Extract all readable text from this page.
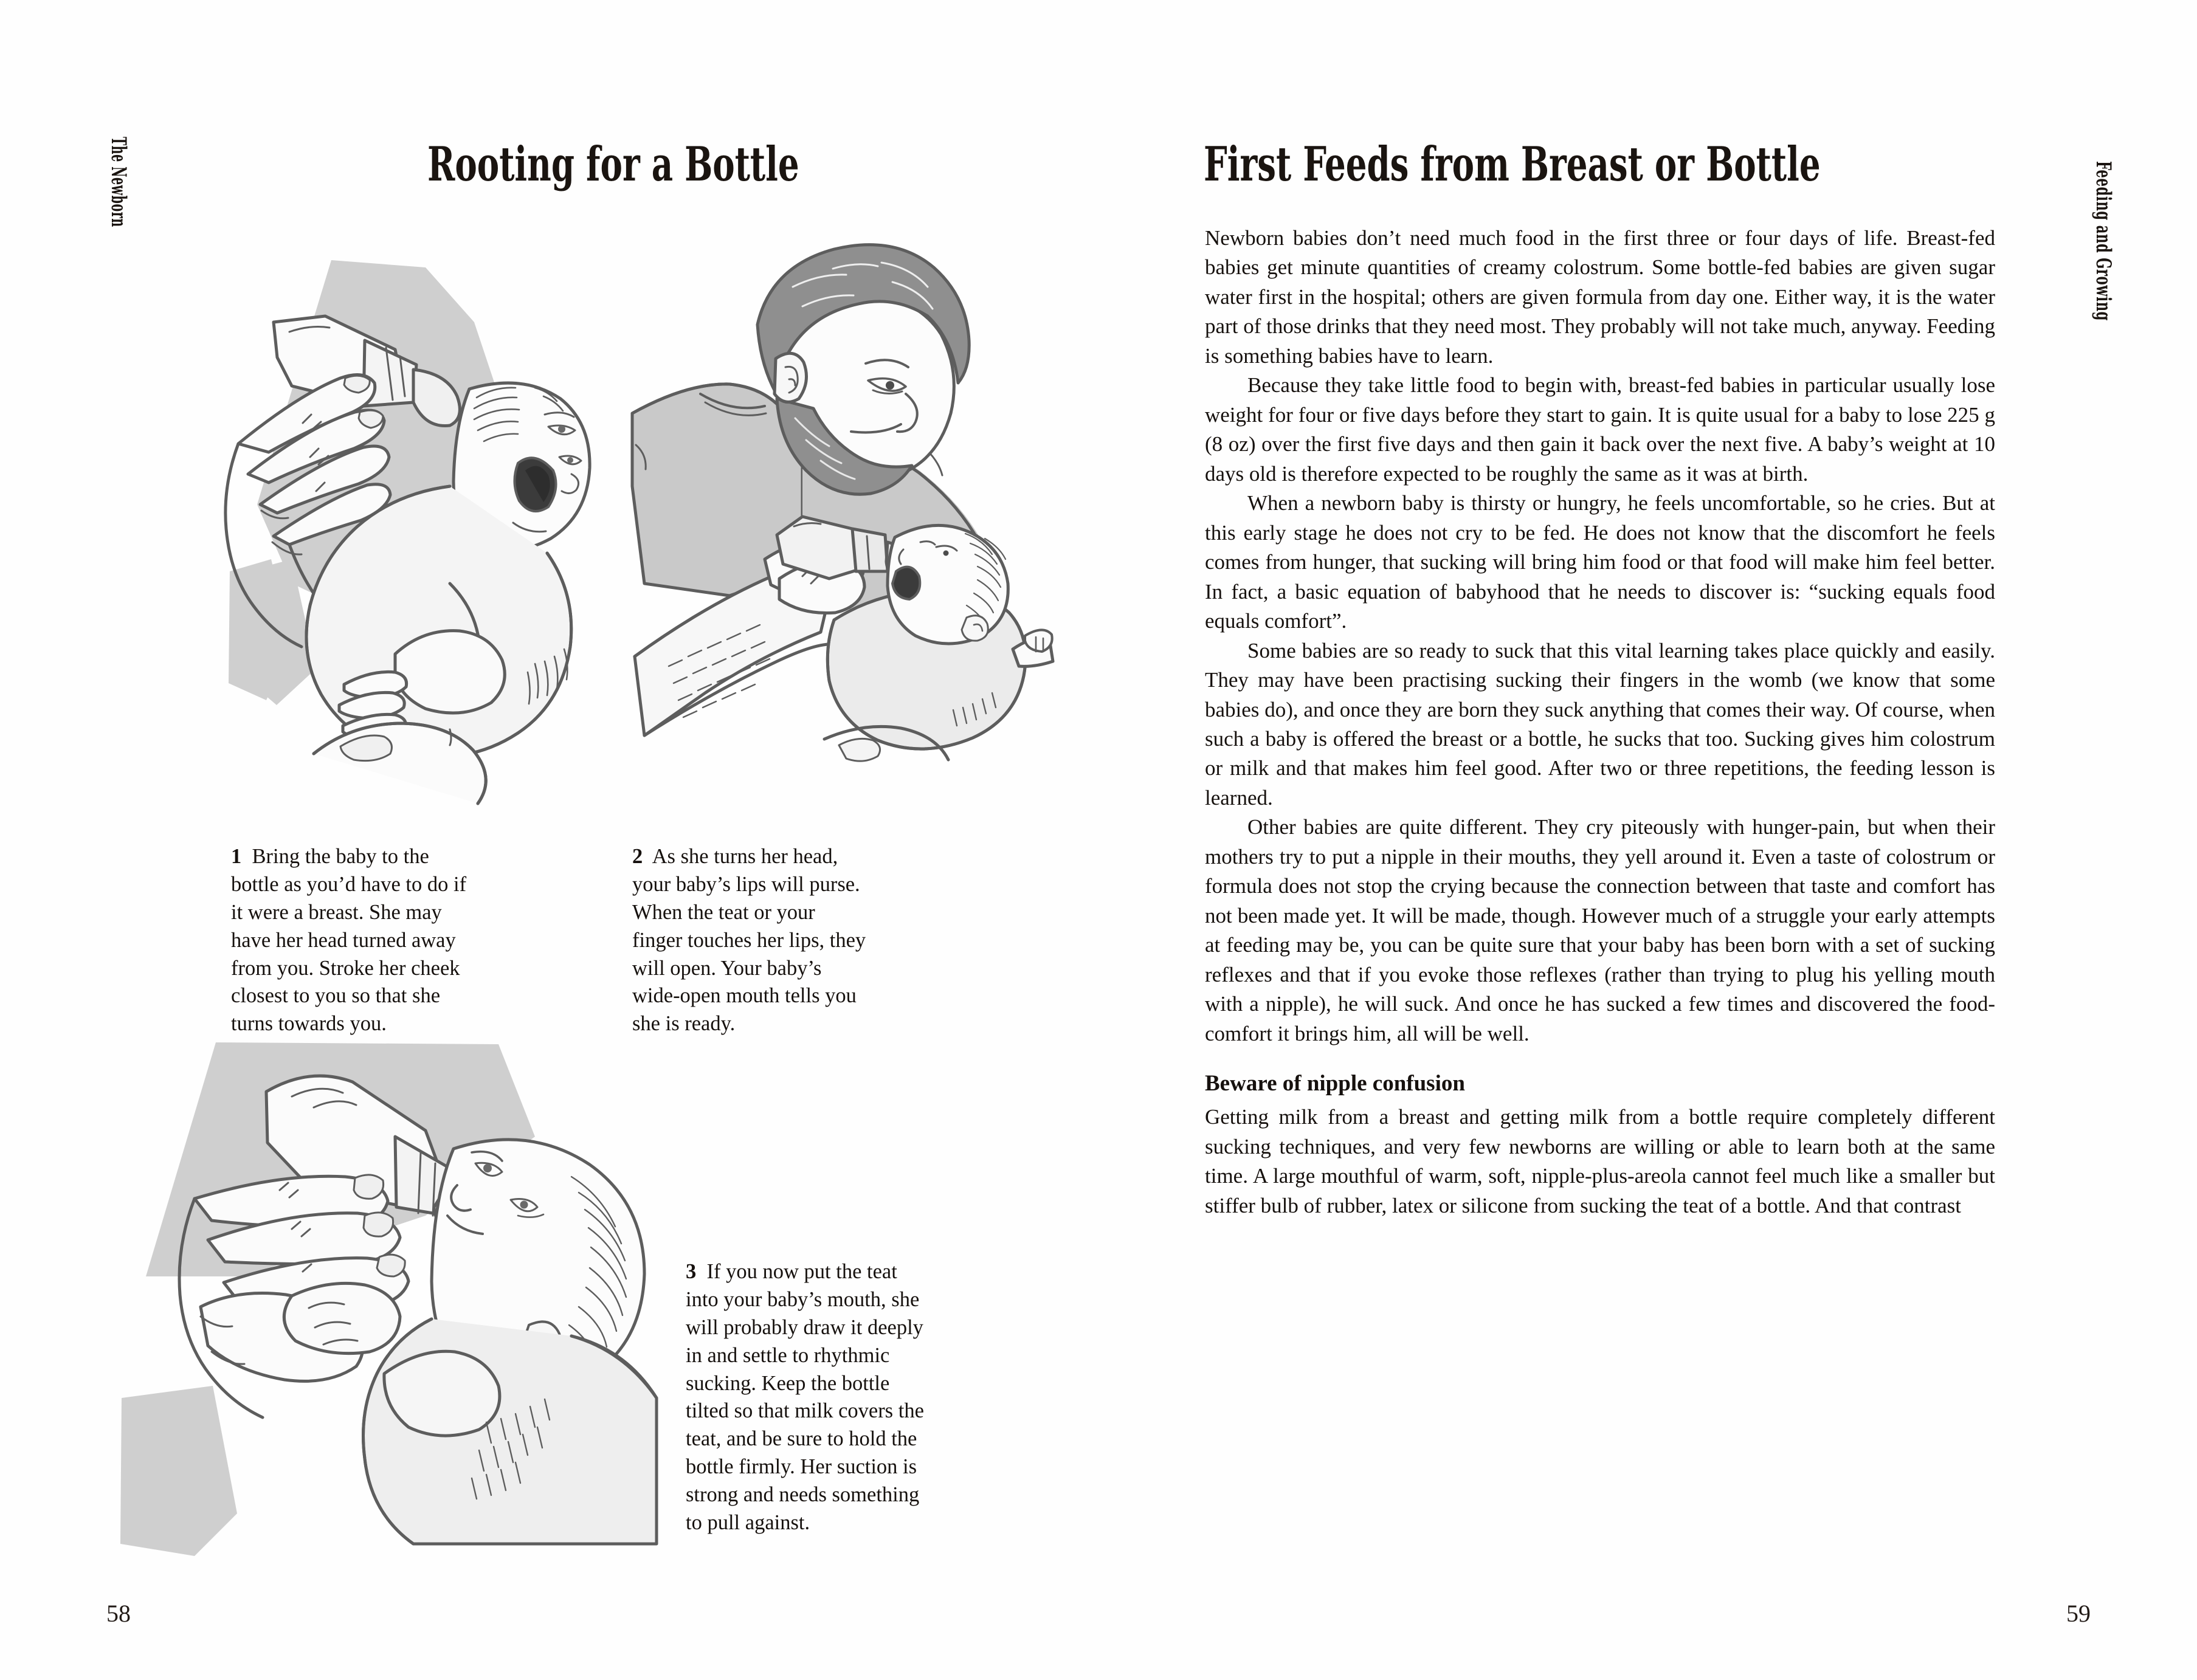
The Newborn	Rooting for a Bottle
1 Bring the baby to the bottle as you’d have to do if it were a breast. She may have her head turned away from you. Stroke her cheek closest to you so that she turns towards you.
2 As she turns her head, your baby’s lips will purse. When the teat or your finger touches her lips, they will open. Your baby’s wide-open mouth tells you she is ready.
3 If you now put the teat into your baby’s mouth, she will probably draw it deeply in and settle to rhythmic sucking. Keep the bottle tilted so that milk covers the teat, and be sure to hold the bottle firmly. Her suction is strong and needs something to pull against.
58
First Feeds from Breast or Bottle	Feeding and Growing

Newborn babies don’t need much food in the first three or four days of life. Breast-fed babies get minute quantities of creamy colostrum. Some bottle-fed babies are given sugar water first in the hospital; others are given formula from day one. Either way, it is the water part of those drinks that they need most. They probably will not take much, anyway. Feeding is something babies have to learn.

Because they take little food to begin with, breast-fed babies in particular usually lose weight for four or five days before they start to gain. It is quite usual for a baby to lose 225 g (8 oz) over the first five days and then gain it back over the next five. A baby’s weight at 10 days old is therefore expected to be roughly the same as it was at birth.

When a newborn baby is thirsty or hungry, he feels uncomfortable, so he cries. But at this early stage he does not cry to be fed. He does not know that the discomfort he feels comes from hunger, that sucking will bring him food or that food will make him feel better. In fact, a basic equation of babyhood that he needs to discover is: “sucking equals food equals comfort”.

Some babies are so ready to suck that this vital learning takes place quickly and easily. They may have been practising sucking their fingers in the womb (we know that some babies do), and once they are born they suck anything that comes their way. Of course, when such a baby is offered the breast or a bottle, he sucks that too. Sucking gives him colostrum or milk and that makes him feel good. After two or three repetitions, the feeding lesson is learned.

Other babies are quite different. They cry piteously with hunger-pain, but when their mothers try to put a nipple in their mouths, they yell around it. Even a taste of colostrum or formula does not stop the crying because the connection between that taste and comfort has not been made yet. It will be made, though. However much of a struggle your early attempts at feeding may be, you can be quite sure that your baby has been born with a set of sucking reflexes and that if you evoke those reflexes (rather than trying to plug his yelling mouth with a nipple), he will suck. And once he has sucked a few times and discovered the food-comfort it brings him, all will be well.

Beware of nipple confusion

Getting milk from a breast and getting milk from a bottle require completely different sucking techniques, and very few newborns are willing or able to learn both at the same time. A large mouthful of warm, soft, nipple-plus-areola cannot feel much like a smaller but stiffer bulb of rubber, latex or silicone from sucking the teat of a bottle. And that contrast

59
